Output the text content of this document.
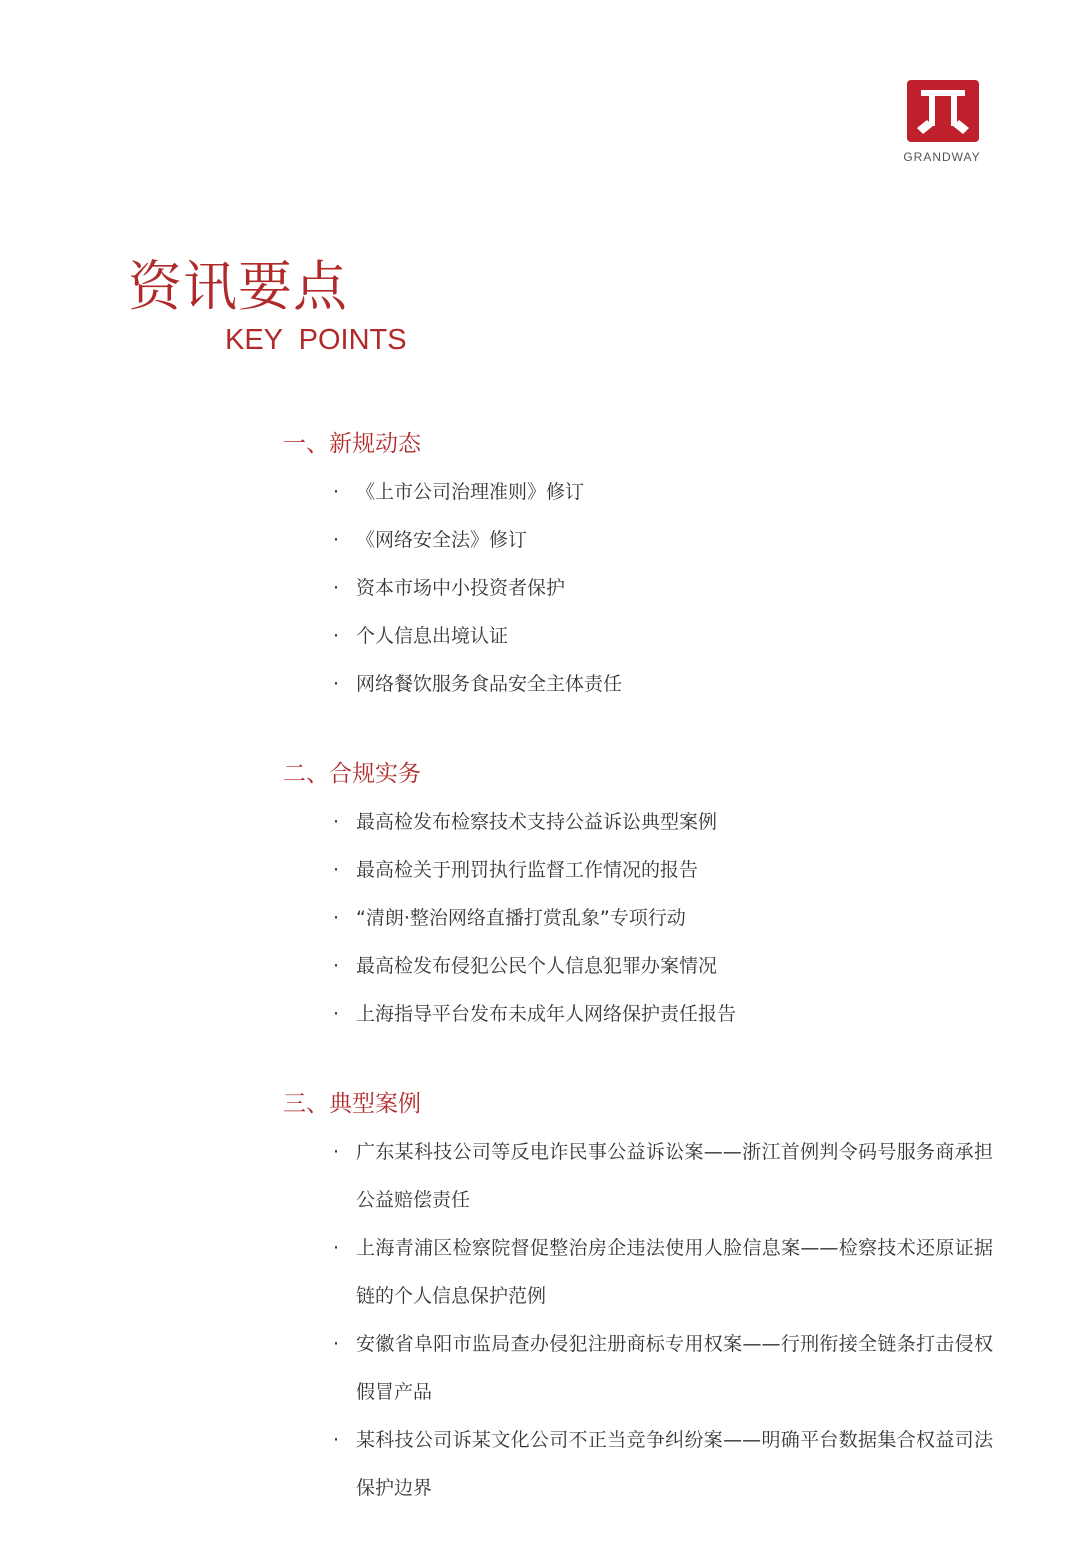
GRANDWAY
资讯要点
KEY  POINTS
一、新规动态
· 《上市公司治理准则》修订
· 《网络安全法》修订
· 资本市场中小投资者保护
· 个人信息出境认证
· 网络餐饮服务食品安全主体责任
二、合规实务
· 最高检发布检察技术支持公益诉讼典型案例
· 最高检关于刑罚执行监督工作情况的报告
· “清朗·整治网络直播打赏乱象”专项行动
· 最高检发布侵犯公民个人信息犯罪办案情况
· 上海指导平台发布未成年人网络保护责任报告
三、典型案例
· 广东某科技公司等反电诈民事公益诉讼案——浙江首例判令码号服务商承担公益赔偿责任
· 上海青浦区检察院督促整治房企违法使用人脸信息案——检察技术还原证据链的个人信息保护范例
· 安徽省阜阳市监局查办侵犯注册商标专用权案——行刑衔接全链条打击侵权假冒产品
· 某科技公司诉某文化公司不正当竞争纠纷案——明确平台数据集合权益司法保护边界
